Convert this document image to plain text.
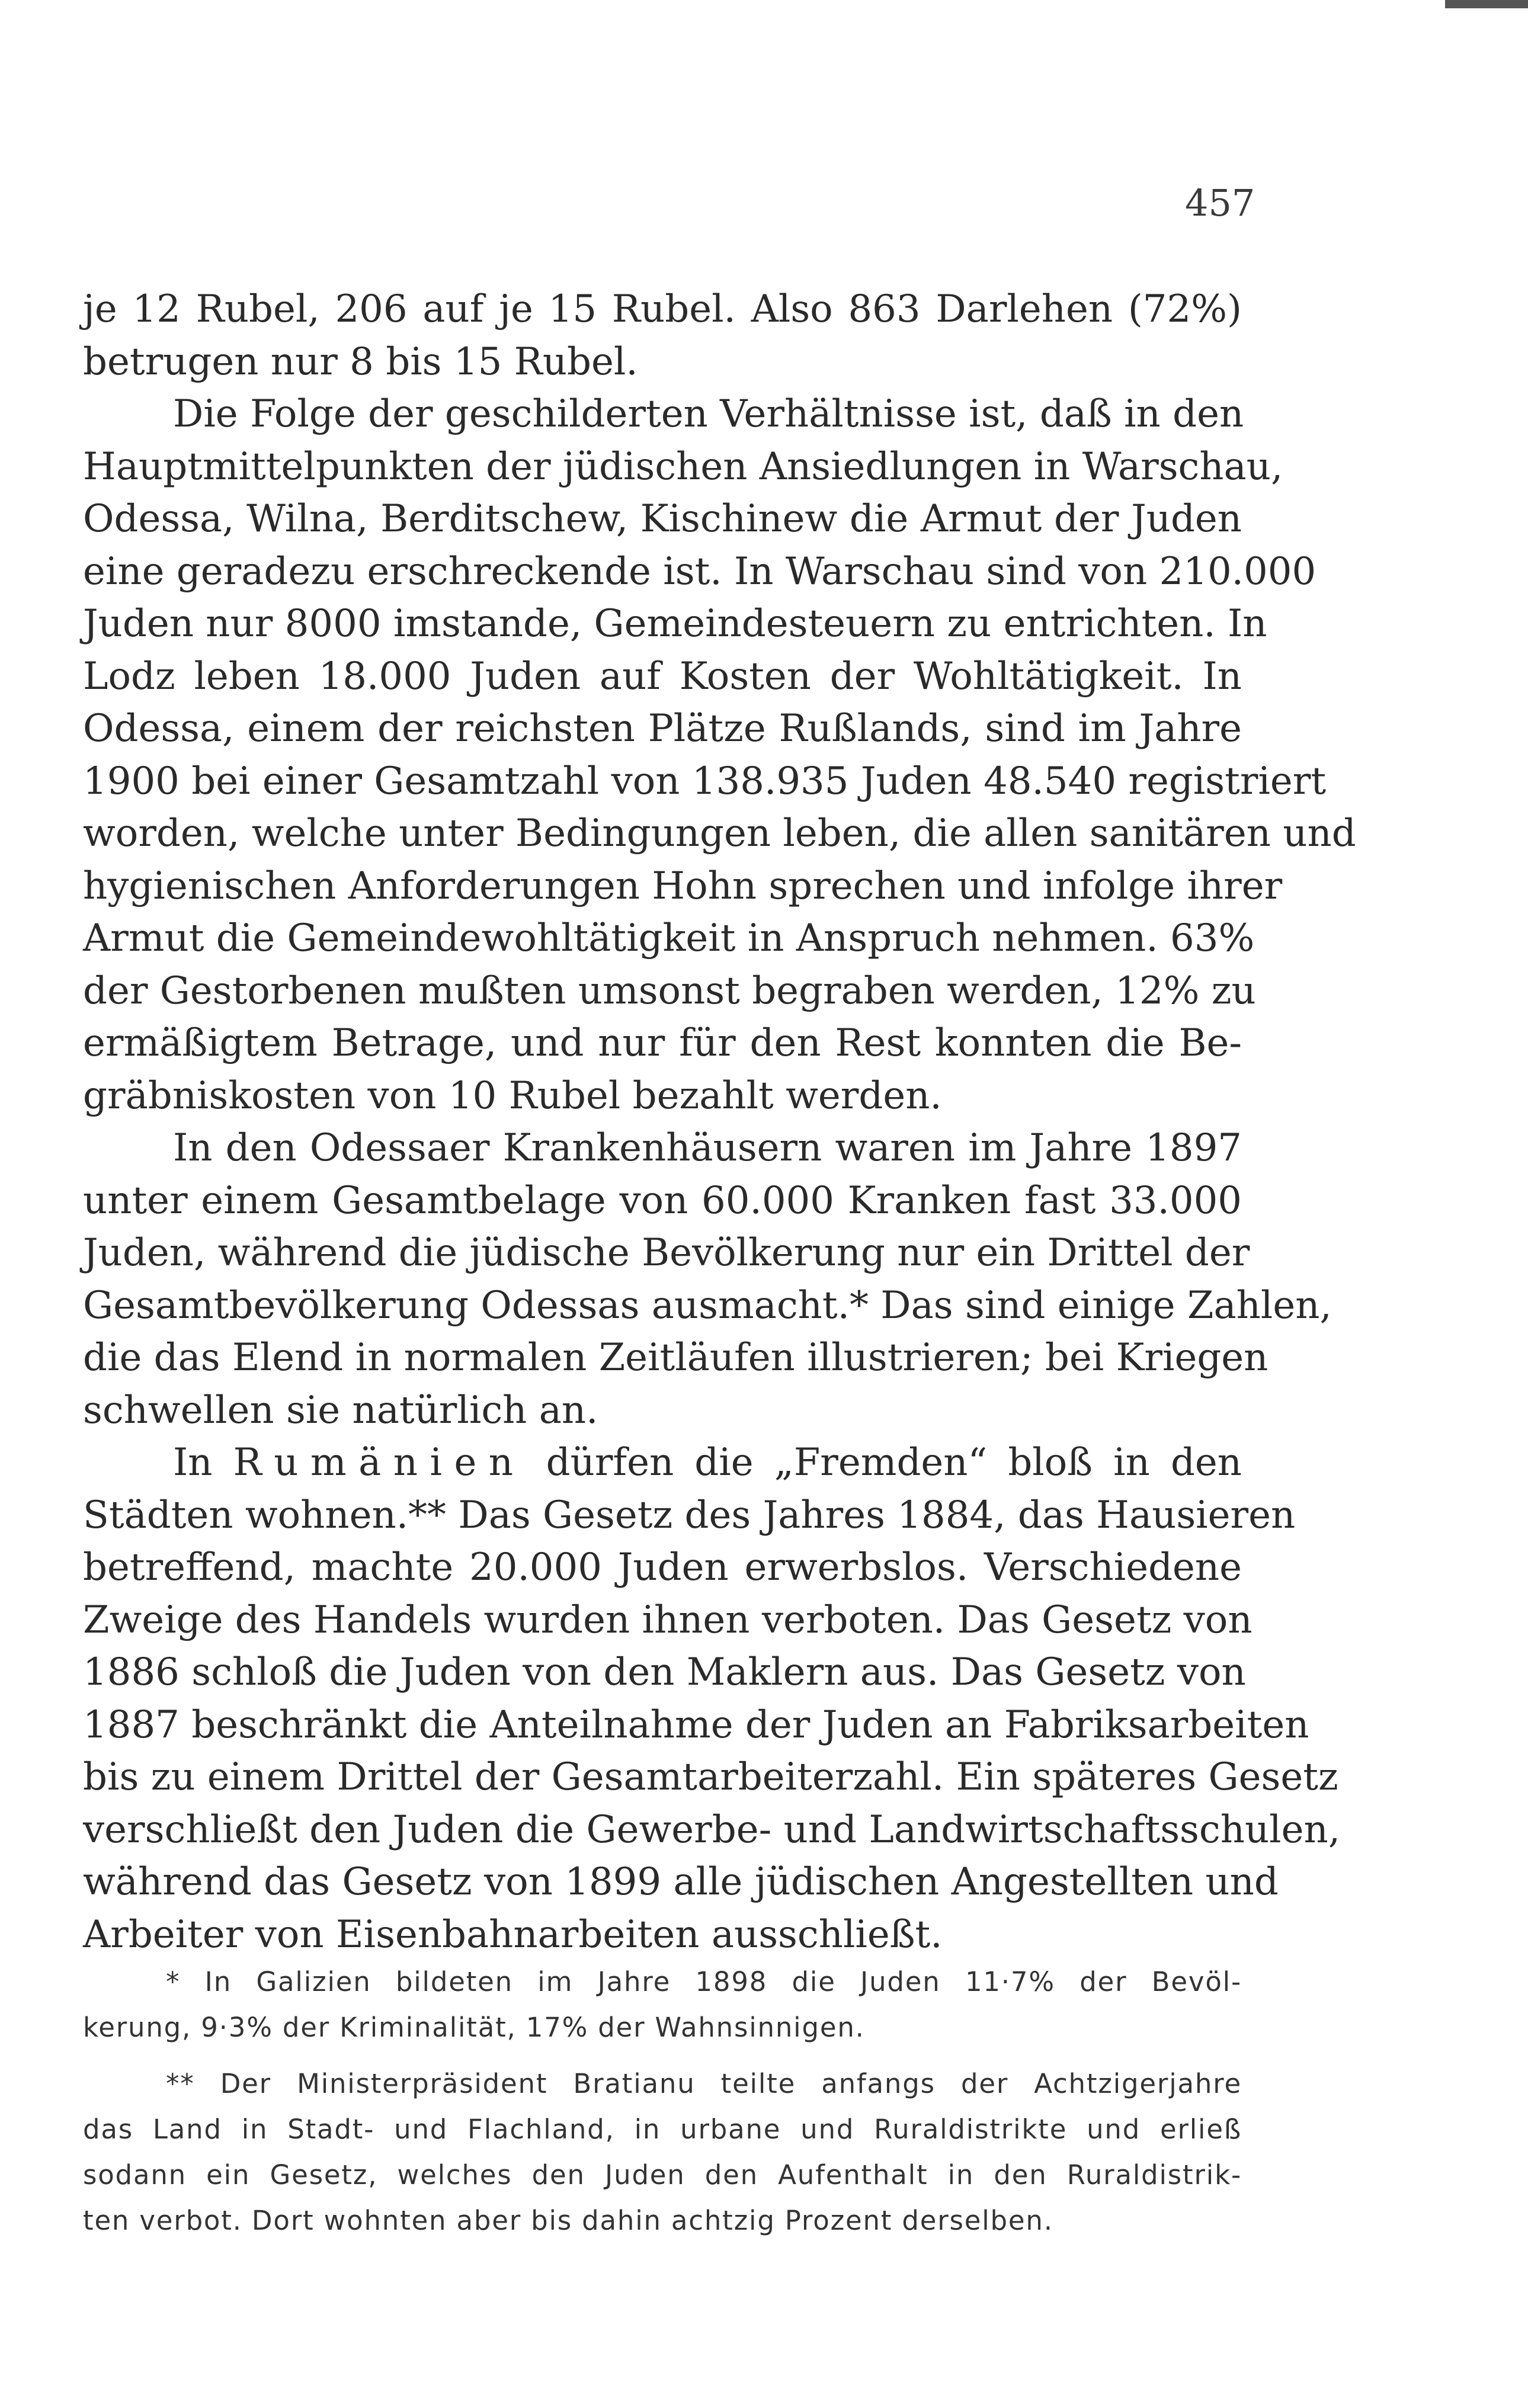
457
je 12 Rubel, 206 auf je 15 Rubel. Also 863 Darlehen (72%)
betrugen nur 8 bis 15 Rubel.
Die Folge der geschilderten Verhältnisse ist, daß in den
Hauptmittelpunkten der jüdischen Ansiedlungen in Warschau,
Odessa, Wilna, Berditschew, Kischinew die Armut der Juden
eine geradezu erschreckende ist. In Warschau sind von 210.000
Juden nur 8000 imstande, Gemeindesteuern zu entrichten. In
Lodz leben 18.000 Juden auf Kosten der Wohltätigkeit. In
Odessa, einem der reichsten Plätze Rußlands, sind im Jahre
1900 bei einer Gesamtzahl von 138.935 Juden 48.540 registriert
worden, welche unter Bedingungen leben, die allen sanitären und
hygienischen Anforderungen Hohn sprechen und infolge ihrer
Armut die Gemeindewohltätigkeit in Anspruch nehmen. 63%
der Gestorbenen mußten umsonst begraben werden, 12% zu
ermäßigtem Betrage, und nur für den Rest konnten die Be-
gräbniskosten von 10 Rubel bezahlt werden.
In den Odessaer Krankenhäusern waren im Jahre 1897
unter einem Gesamtbelage von 60.000 Kranken fast 33.000
Juden, während die jüdische Bevölkerung nur ein Drittel der
Gesamtbevölkerung Odessas ausmacht.* Das sind einige Zahlen,
die das Elend in normalen Zeitläufen illustrieren; bei Kriegen
schwellen sie natürlich an.
In Rumänien dürfen die „Fremden“ bloß in den
Städten wohnen.** Das Gesetz des Jahres 1884, das Hausieren
betreffend, machte 20.000 Juden erwerbslos. Verschiedene
Zweige des Handels wurden ihnen verboten. Das Gesetz von
1886 schloß die Juden von den Maklern aus. Das Gesetz von
1887 beschränkt die Anteilnahme der Juden an Fabriksarbeiten
bis zu einem Drittel der Gesamtarbeiterzahl. Ein späteres Gesetz
verschließt den Juden die Gewerbe- und Landwirtschaftsschulen,
während das Gesetz von 1899 alle jüdischen Angestellten und
Arbeiter von Eisenbahnarbeiten ausschließt.
* In Galizien bildeten im Jahre 1898 die Juden 11·7% der Bevöl-
kerung, 9·3% der Kriminalität, 17% der Wahnsinnigen.
** Der Ministerpräsident Bratianu teilte anfangs der Achtzigerjahre
das Land in Stadt- und Flachland, in urbane und Ruraldistrikte und erließ
sodann ein Gesetz, welches den Juden den Aufenthalt in den Ruraldistrik-
ten verbot. Dort wohnten aber bis dahin achtzig Prozent derselben.
